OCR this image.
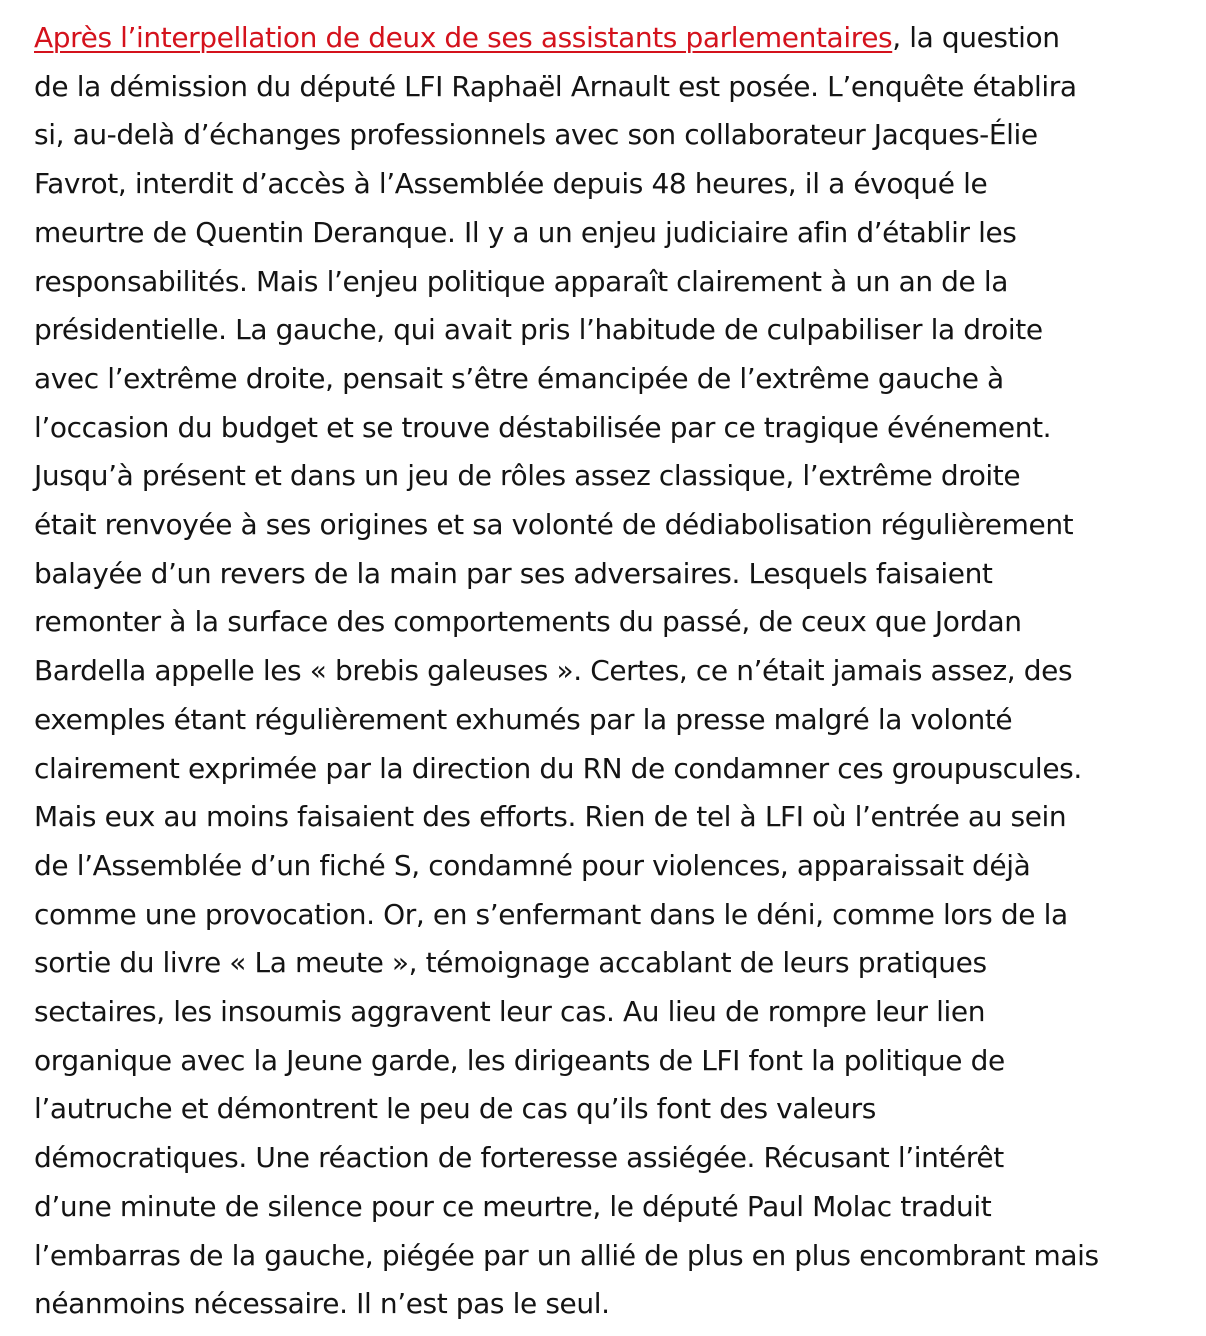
Après l’interpellation de deux de ses assistants parlementaires, la question
de la démission du député LFI Raphaël Arnault est posée. L’enquête établira
si, au-delà d’échanges professionnels avec son collaborateur Jacques-Élie
Favrot, interdit d’accès à l’Assemblée depuis 48 heures, il a évoqué le
meurtre de Quentin Deranque. Il y a un enjeu judiciaire afin d’établir les
responsabilités. Mais l’enjeu politique apparaît clairement à un an de la
présidentielle. La gauche, qui avait pris l’habitude de culpabiliser la droite
avec l’extrême droite, pensait s’être émancipée de l’extrême gauche à
l’occasion du budget et se trouve déstabilisée par ce tragique événement.
Jusqu’à présent et dans un jeu de rôles assez classique, l’extrême droite
était renvoyée à ses origines et sa volonté de dédiabolisation régulièrement
balayée d’un revers de la main par ses adversaires. Lesquels faisaient
remonter à la surface des comportements du passé, de ceux que Jordan
Bardella appelle les « brebis galeuses ». Certes, ce n’était jamais assez, des
exemples étant régulièrement exhumés par la presse malgré la volonté
clairement exprimée par la direction du RN de condamner ces groupuscules.
Mais eux au moins faisaient des efforts. Rien de tel à LFI où l’entrée au sein
de l’Assemblée d’un fiché S, condamné pour violences, apparaissait déjà
comme une provocation. Or, en s’enfermant dans le déni, comme lors de la
sortie du livre « La meute », témoignage accablant de leurs pratiques
sectaires, les insoumis aggravent leur cas. Au lieu de rompre leur lien
organique avec la Jeune garde, les dirigeants de LFI font la politique de
l’autruche et démontrent le peu de cas qu’ils font des valeurs
démocratiques. Une réaction de forteresse assiégée. Récusant l’intérêt
d’une minute de silence pour ce meurtre, le député Paul Molac traduit
l’embarras de la gauche, piégée par un allié de plus en plus encombrant mais
néanmoins nécessaire. Il n’est pas le seul.
